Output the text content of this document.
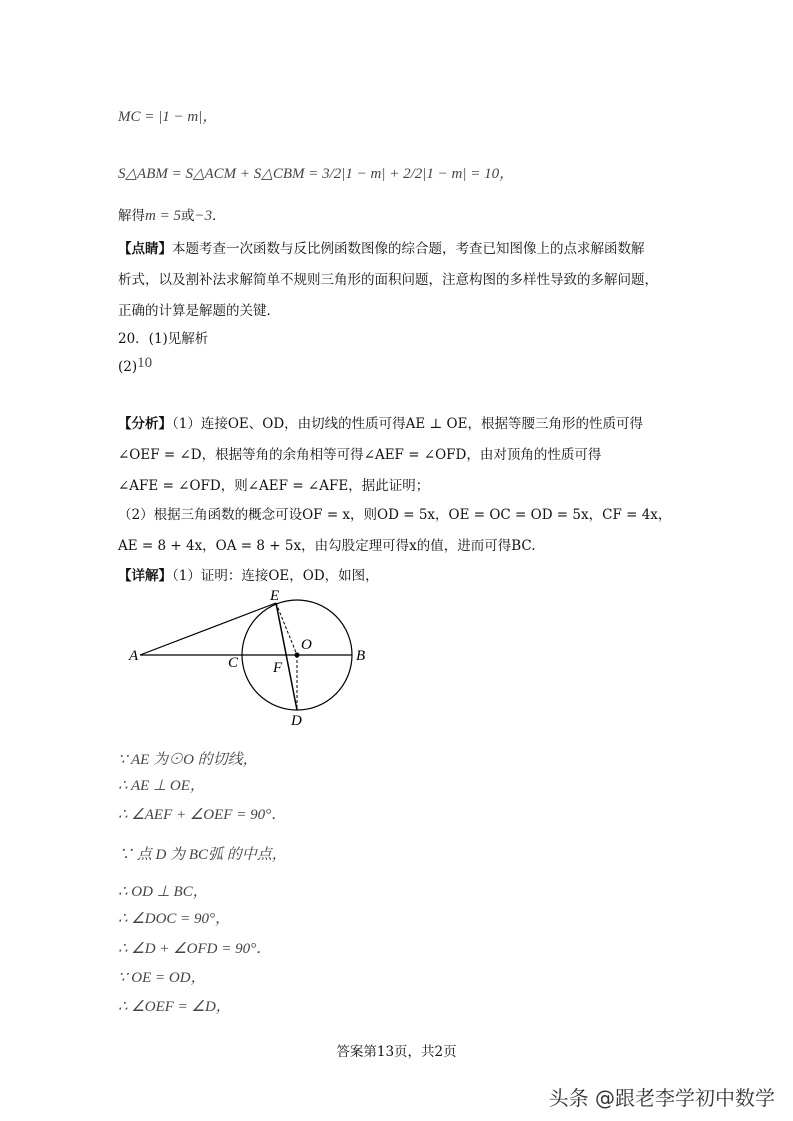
MC = |1 − m|，
S△ABM = S△ACM + S△CBM = 3/2|1 − m| + 2/2|1 − m| = 10，
解得m = 5或−3．
【点睛】本题考查一次函数与反比例函数图像的综合题，考查已知图像上的点求解函数解
析式，以及割补法求解简单不规则三角形的面积问题，注意构图的多样性导致的多解问题，
正确的计算是解题的关键．
20．(1)见解析
(2)10
【分析】（1）连接OE、OD，由切线的性质可得AE ⊥ OE，根据等腰三角形的性质可得
∠OEF = ∠D，根据等角的余角相等可得∠AEF = ∠OFD，由对顶角的性质可得
∠AFE = ∠OFD，则∠AEF = ∠AFE，据此证明；
（2）根据三角函数的概念可设OF = x，则OD = 5x，OE = OC = OD = 5x，CF = 4x，
AE = 8 + 4x，OA = 8 + 5x，由勾股定理可得x的值，进而可得BC.
【详解】（1）证明：连接OE，OD，如图，
A
E
O
C F
B
D
∵ AE 为⊙O 的切线，
∴ AE ⊥ OE，
∴ ∠AEF + ∠OEF = 90°．
∵ 点 D 为 BC弧 的中点，
∴ OD ⊥ BC，
∴ ∠DOC = 90°，
∴ ∠D + ∠OFD = 90°．
∵ OE = OD，
∴ ∠OEF = ∠D，
答案第13页，共2页
头条 @跟老李学初中数学
